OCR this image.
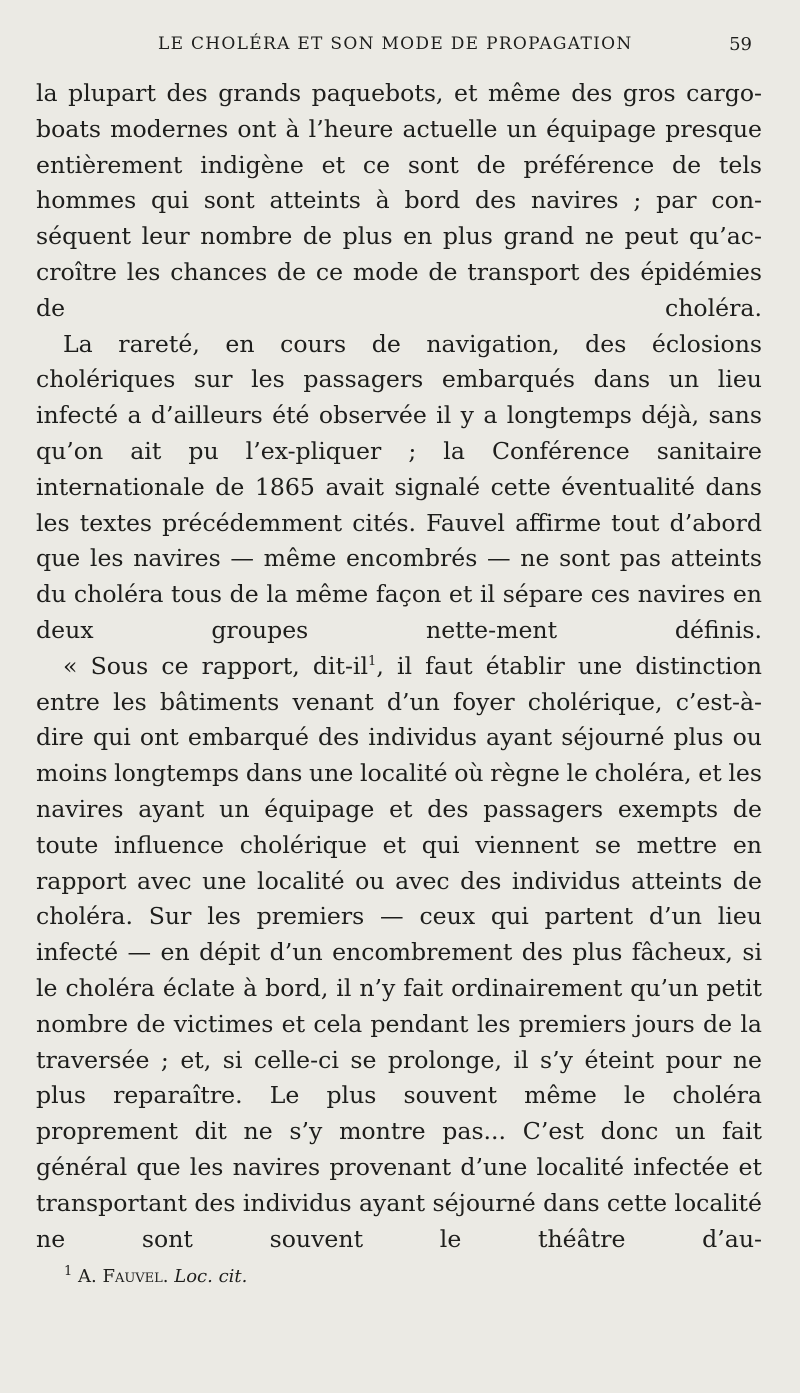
LE CHOLÉRA ET SON MODE DE PROPAGATION	59

la plupart des grands paquebots, et même des gros cargo-boats modernes ont à l’heure actuelle un équipage presque entièrement indigène et ce sont de préférence de tels hommes qui sont atteints à bord des navires ; par con-séquent leur nombre de plus en plus grand ne peut qu’ac-croître les chances de ce mode de transport des épidémies de choléra.

La rareté, en cours de navigation, des éclosions cholériques sur les passagers embarqués dans un lieu infecté a d’ailleurs été observée il y a longtemps déjà, sans qu’on ait pu l’ex-pliquer ; la Conférence sanitaire internationale de 1865 avait signalé cette éventualité dans les textes précédemment cités. Fauvel affirme tout d’abord que les navires — même encombrés — ne sont pas atteints du choléra tous de la même façon et il sépare ces navires en deux groupes nette-ment définis.

« Sous ce rapport, dit-$il^1$, il faut établir une distinction entre les bâtiments venant d’un foyer cholérique, c’est-à-dire qui ont embarqué des individus ayant séjourné plus ou moins longtemps dans une localité où règne le choléra, et les navires ayant un équipage et des passagers exempts de toute influence cholérique et qui viennent se mettre en rapport avec une localité ou avec des individus atteints de choléra. Sur les premiers — ceux qui partent d’un lieu infecté — en dépit d’un encombrement des plus fâcheux, si le choléra éclate à bord, il n’y fait ordinairement qu’un petit nombre de victimes et cela pendant les premiers jours de la traversée ; et, si celle-ci se prolonge, il s’y éteint pour ne plus reparaître. Le plus souvent même le choléra proprement dit ne s’y montre pas... C’est donc un fait général que les navires provenant d’une localité infectée et transportant des individus ayant séjourné dans cette localité ne sont souvent le théâtre d’au-

$^1$ A. Fauvel. Loc. cit.
